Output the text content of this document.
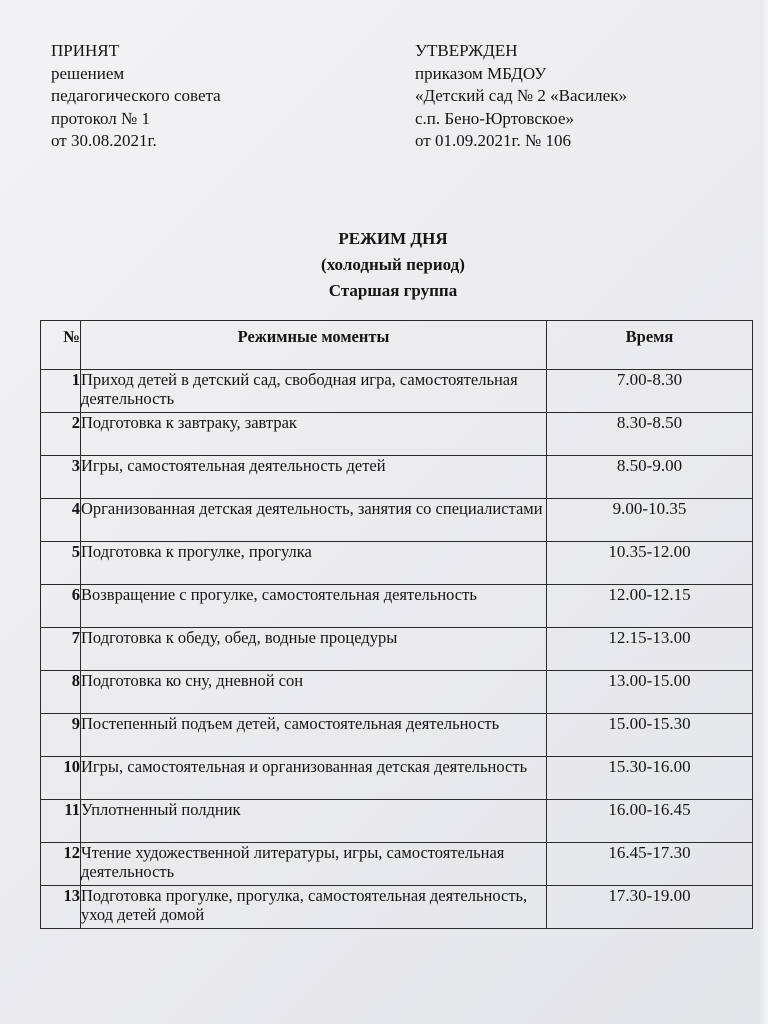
ПРИНЯТ
решением
педагогического совета
протокол № 1
от 30.08.2021г.
УТВЕРЖДЕН
приказом МБДОУ
«Детский сад № 2 «Василек»
с.п. Бено-Юртовское»
от 01.09.2021г. № 106
РЕЖИМ ДНЯ
(холодный период)
Старшая группа
№	Режимные моменты	Время
1	Приход детей в детский сад, свободная игра, самостоятельная деятельность	7.00-8.30
2	Подготовка к завтраку, завтрак	8.30-8.50
3	Игры, самостоятельная деятельность детей	8.50-9.00
4	Организованная детская деятельность, занятия со специалистами	9.00-10.35
5	Подготовка к прогулке, прогулка	10.35-12.00
6	Возвращение с прогулке, самостоятельная деятельность	12.00-12.15
7	Подготовка к обеду, обед, водные процедуры	12.15-13.00
8	Подготовка ко сну, дневной сон	13.00-15.00
9	Постепенный подъем детей, самостоятельная деятельность	15.00-15.30
10	Игры, самостоятельная и организованная детская деятельность	15.30-16.00
11	Уплотненный полдник	16.00-16.45
12	Чтение художественной литературы, игры, самостоятельная деятельность	16.45-17.30
13	Подготовка прогулке, прогулка, самостоятельная деятельность, уход детей домой	17.30-19.00
